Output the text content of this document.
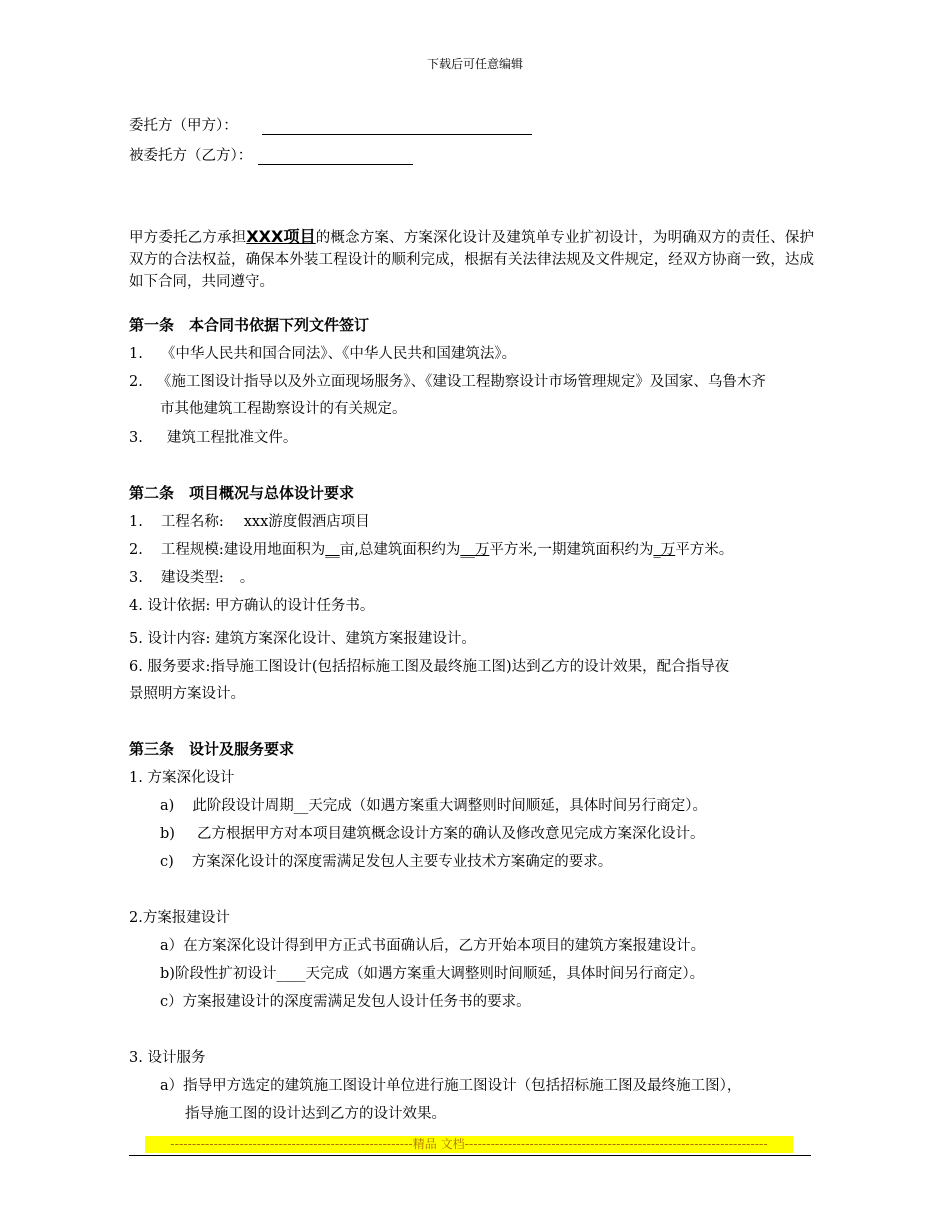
下载后可任意编辑
委托方（甲方）：
被委托方（乙方）：
甲方委托乙方承担XXX项目的概念方案、方案深化设计及建筑单专业扩初设计，为明确双方的责任、保护双方的合法权益，确保本外装工程设计的顺利完成，根据有关法律法规及文件规定，经双方协商一致，达成如下合同，共同遵守。
第一条　本合同书依据下列文件签订
1. 《中华人民共和国合同法》、《中华人民共和国建筑法》。
2. 《施工图设计指导以及外立面现场服务》、《建设工程勘察设计市场管理规定》及国家、乌鲁木齐
市其他建筑工程勘察设计的有关规定。
3. 建筑工程批准文件。
第二条　项目概况与总体设计要求
1. 工程名称: xxx游度假酒店项目
2. 工程规模:建设用地面积为__亩,总建筑面积约为__万平方米,一期建筑面积约为_万平方米。
3. 建设类型: 。
4. 设计依据: 甲方确认的设计任务书。
5. 设计内容: 建筑方案深化设计、建筑方案报建设计。
6. 服务要求:指导施工图设计(包括招标施工图及最终施工图)达到乙方的设计效果，配合指导夜
景照明方案设计。
第三条　设计及服务要求
1. 方案深化设计
a) 此阶段设计周期__天完成（如遇方案重大调整则时间顺延，具体时间另行商定）。
b) 乙方根据甲方对本项目建筑概念设计方案的确认及修改意见完成方案深化设计。
c) 方案深化设计的深度需满足发包人主要专业技术方案确定的要求。
2.方案报建设计
a）在方案深化设计得到甲方正式书面确认后，乙方开始本项目的建筑方案报建设计。
b)阶段性扩初设计____天完成（如遇方案重大调整则时间顺延，具体时间另行商定）。
c）方案报建设计的深度需满足发包人设计任务书的要求。
3. 设计服务
a）指导甲方选定的建筑施工图设计单位进行施工图设计（包括招标施工图及最终施工图），
指导施工图的设计达到乙方的设计效果。
--------------------------------------------------------精品 文档----------------------------------------------------------------------
